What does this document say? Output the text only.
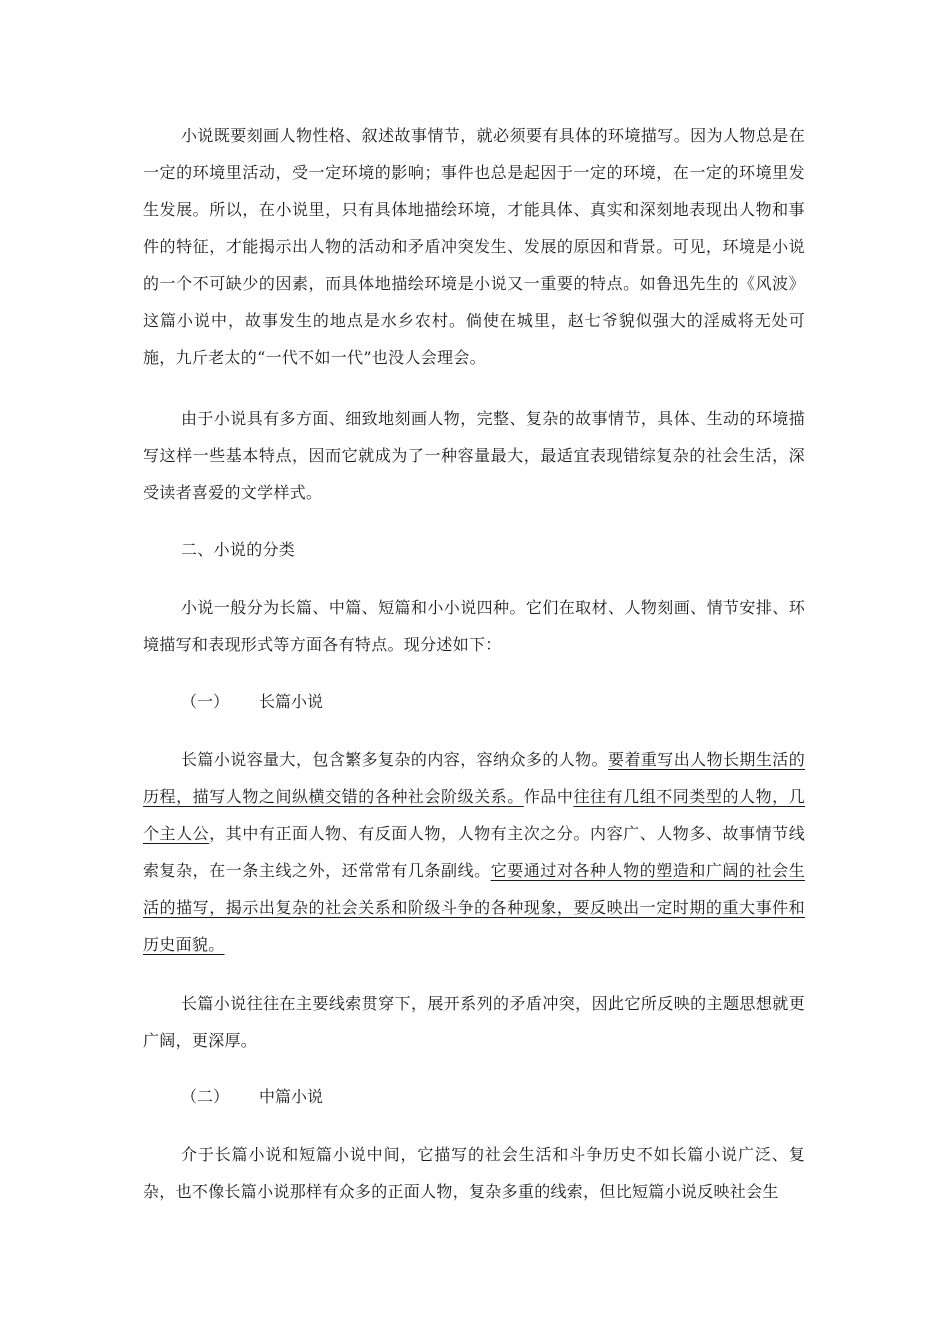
小说既要刻画人物性格、叙述故事情节，就必须要有具体的环境描写。因为人物总是在一定的环境里活动，受一定环境的影响；事件也总是起因于一定的环境，在一定的环境里发生发展。所以，在小说里，只有具体地描绘环境，才能具体、真实和深刻地表现出人物和事件的特征，才能揭示出人物的活动和矛盾冲突发生、发展的原因和背景。可见，环境是小说的一个不可缺少的因素，而具体地描绘环境是小说又一重要的特点。如鲁迅先生的《风波》这篇小说中，故事发生的地点是水乡农村。倘使在城里，赵七爷貌似强大的淫威将无处可施，九斤老太的“一代不如一代”也没人会理会。

由于小说具有多方面、细致地刻画人物，完整、复杂的故事情节，具体、生动的环境描写这样一些基本特点，因而它就成为了一种容量最大，最适宜表现错综复杂的社会生活，深受读者喜爱的文学样式。

二、小说的分类

小说一般分为长篇、中篇、短篇和小小说四种。它们在取材、人物刻画、情节安排、环境描写和表现形式等方面各有特点。现分述如下：

（一） 长篇小说

长篇小说容量大，包含繁多复杂的内容，容纳众多的人物。要着重写出人物长期生活的历程，描写人物之间纵横交错的各种社会阶级关系。作品中往往有几组不同类型的人物，几个主人公，其中有正面人物、有反面人物，人物有主次之分。内容广、人物多、故事情节线索复杂，在一条主线之外，还常常有几条副线。它要通过对各种人物的塑造和广阔的社会生活的描写，揭示出复杂的社会关系和阶级斗争的各种现象，要反映出一定时期的重大事件和历史面貌。

长篇小说往往在主要线索贯穿下，展开系列的矛盾冲突，因此它所反映的主题思想就更广阔，更深厚。

（二） 中篇小说

介于长篇小说和短篇小说中间，它描写的社会生活和斗争历史不如长篇小说广泛、复杂，也不像长篇小说那样有众多的正面人物，复杂多重的线索，但比短篇小说反映社会生
